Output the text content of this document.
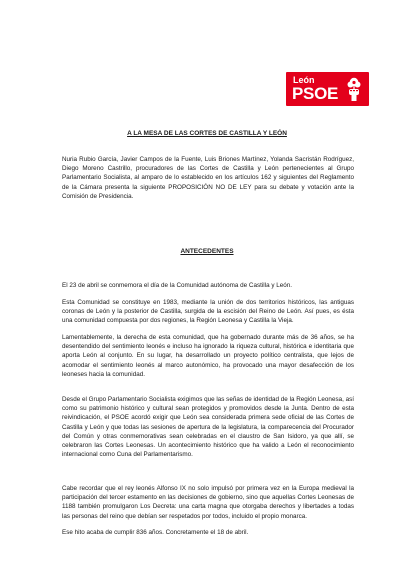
León
PSOE
A LA MESA DE LAS CORTES DE CASTILLA Y LEÓN

Nuria Rubio García, Javier Campos de la Fuente, Luis Briones Martínez, Yolanda Sacristán Rodríguez, Diego Moreno Castrillo, procuradores de las Cortes de Castilla y León pertenecientes al Grupo Parlamentario Socialista, al amparo de lo establecido en los artículos 162 y siguientes del Reglamento de la Cámara presenta la siguiente PROPOSICIÓN NO DE LEY para su debate y votación ante la Comisión de Presidencia.

ANTECEDENTES

El 23 de abril se conmemora el día de la Comunidad autónoma de Castilla y León.

Esta Comunidad se constituye en 1983, mediante la unión de dos territorios históricos, las antiguas coronas de León y la posterior de Castilla, surgida de la escisión del Reino de León. Así pues, es ésta una comunidad compuesta por dos regiones, la Región Leonesa y Castilla la Vieja.

Lamentablemente, la derecha de esta comunidad, que ha gobernado durante más de 36 años, se ha desentendido del sentimiento leonés e incluso ha ignorado la riqueza cultural, histórica e identitaria que aporta León al conjunto. En su lugar, ha desarrollado un proyecto político centralista, que lejos de acomodar el sentimiento leonés al marco autonómico, ha provocado una mayor desafección de los leoneses hacia la comunidad.

Desde el Grupo Parlamentario Socialista exigimos que las señas de identidad de la Región Leonesa, así como su patrimonio histórico y cultural sean protegidos y promovidos desde la Junta. Dentro de esta reivindicación, el PSOE acordó exigir que León sea considerada primera sede oficial de las Cortes de Castilla y León y que todas las sesiones de apertura de la legislatura, la comparecencia del Procurador del Común y otras conmemorativas sean celebradas en el claustro de San Isidoro, ya que allí, se celebraron las Cortes Leonesas. Un acontecimiento histórico que ha valido a León el reconocimiento internacional como Cuna del Parlamentarismo.

Cabe recordar que el rey leonés Alfonso IX no solo impulsó por primera vez en la Europa medieval la participación del tercer estamento en las decisiones de gobierno, sino que aquellas Cortes Leonesas de 1188 también promulgaron Los Decreta: una carta magna que otorgaba derechos y libertades a todas las personas del reino que debían ser respetados por todos, incluido el propio monarca.

Ese hito acaba de cumplir 836 años. Concretamente el 18 de abril.
